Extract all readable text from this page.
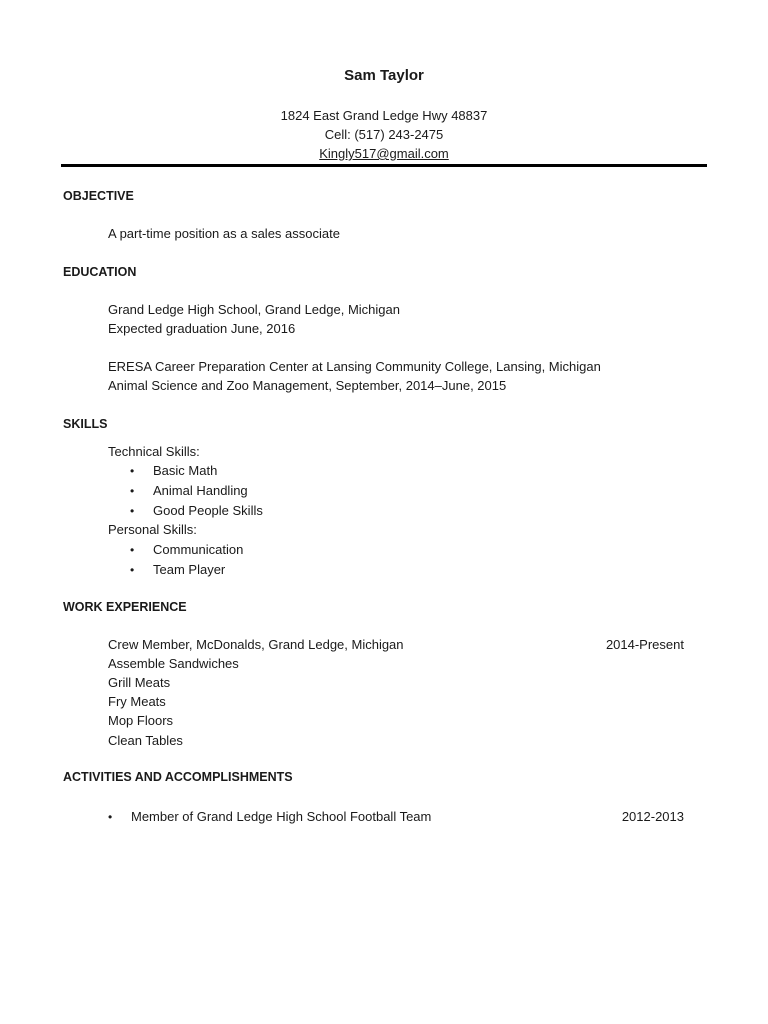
Sam Taylor
1824 East Grand Ledge Hwy 48837
Cell: (517) 243-2475
Kingly517@gmail.com
OBJECTIVE
A part-time position as a sales associate
EDUCATION
Grand Ledge High School, Grand Ledge, Michigan
Expected graduation June, 2016
ERESA Career Preparation Center at Lansing Community College, Lansing, Michigan
Animal Science and Zoo Management, September, 2014–June, 2015
SKILLS
Technical Skills:
• Basic Math
• Animal Handling
• Good People Skills
Personal Skills:
• Communication
• Team Player
WORK EXPERIENCE
Crew Member, McDonalds, Grand Ledge, Michigan	2014-Present
Assemble Sandwiches
Grill Meats
Fry Meats
Mop Floors
Clean Tables
ACTIVITIES AND ACCOMPLISHMENTS
• Member of Grand Ledge High School Football Team	2012-2013
